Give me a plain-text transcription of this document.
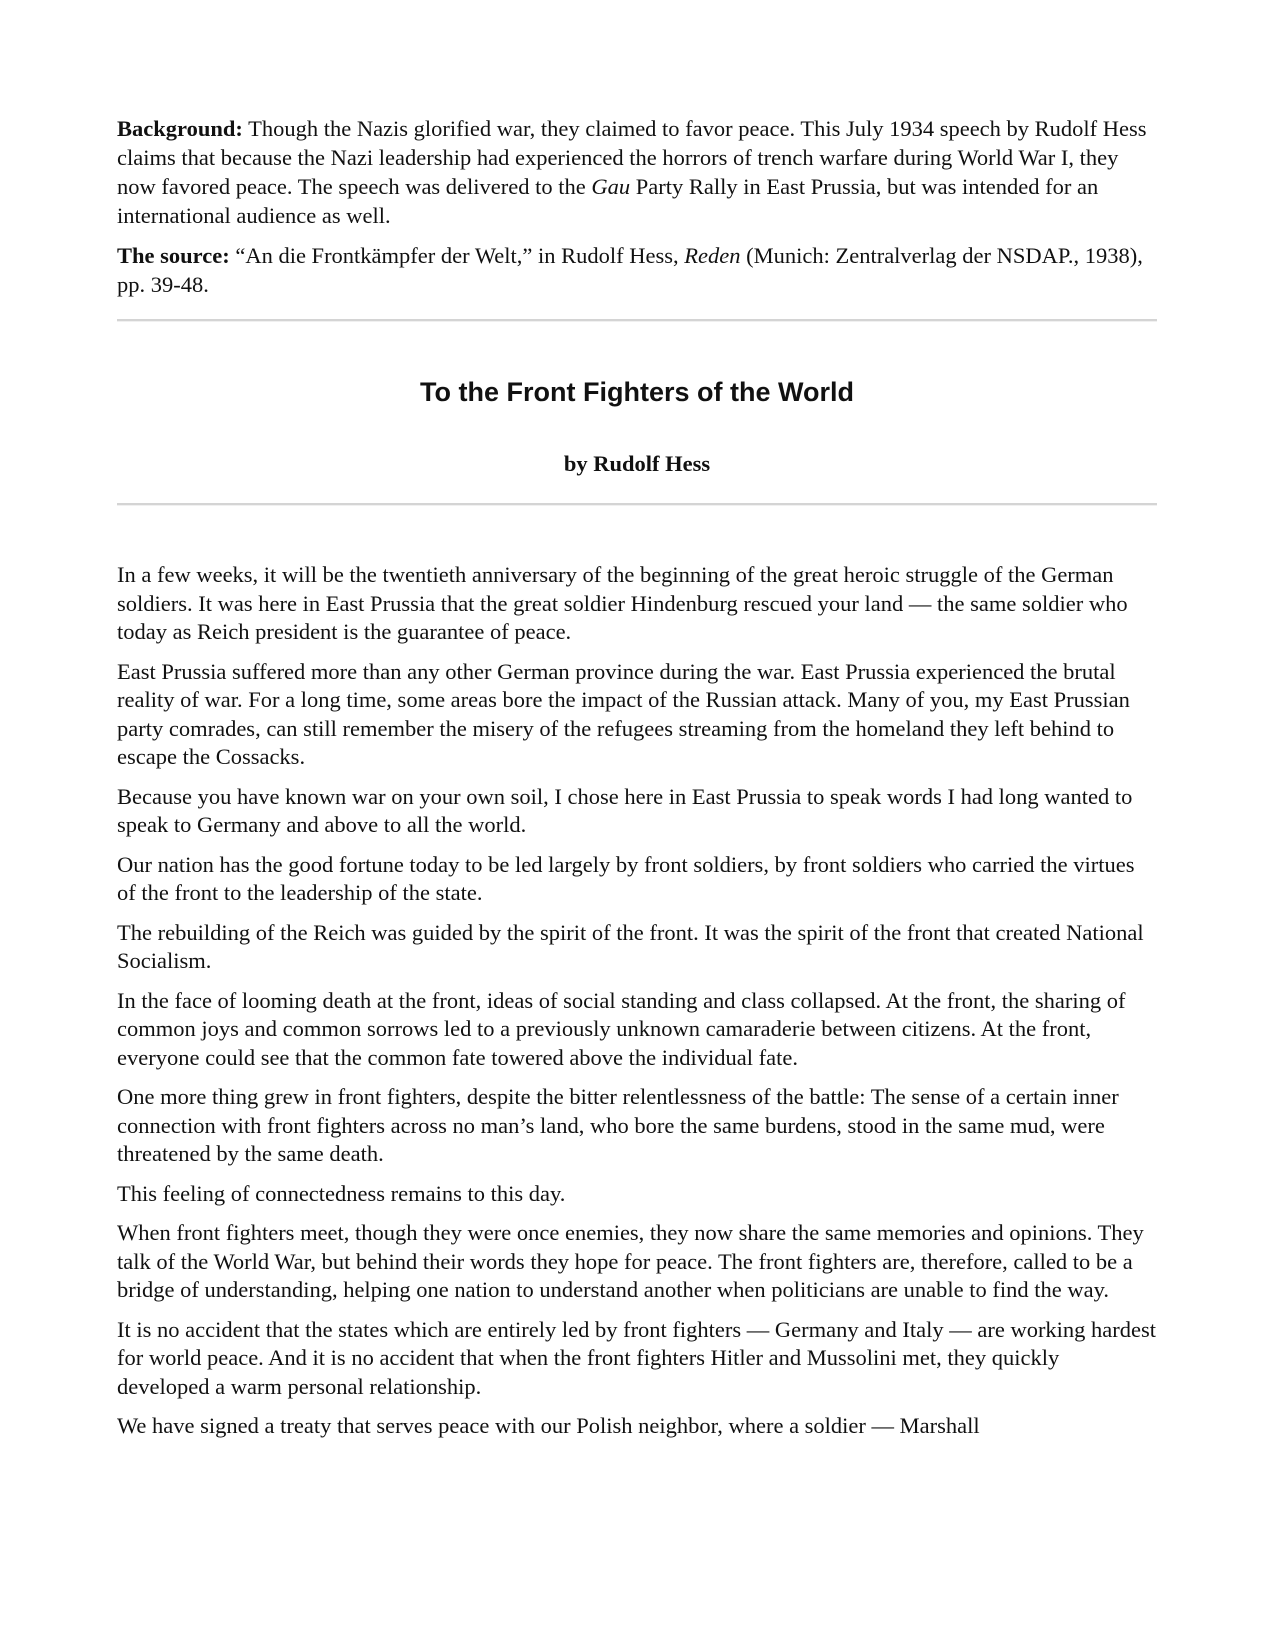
Background: Though the Nazis glorified war, they claimed to favor peace. This July 1934 speech by Rudolf Hess claims that because the Nazi leadership had experienced the horrors of trench warfare during World War I, they now favored peace. The speech was delivered to the Gau Party Rally in East Prussia, but was intended for an international audience as well.

The source: “An die Frontkämpfer der Welt,” in Rudolf Hess, Reden (Munich: Zentralverlag der NSDAP., 1938), pp. 39-48.

To the Front Fighters of the World
by Rudolf Hess

In a few weeks, it will be the twentieth anniversary of the beginning of the great heroic struggle of the German soldiers. It was here in East Prussia that the great soldier Hindenburg rescued your land — the same soldier who today as Reich president is the guarantee of peace.

East Prussia suffered more than any other German province during the war. East Prussia experienced the brutal reality of war. For a long time, some areas bore the impact of the Russian attack. Many of you, my East Prussian party comrades, can still remember the misery of the refugees streaming from the homeland they left behind to escape the Cossacks.

Because you have known war on your own soil, I chose here in East Prussia to speak words I had long wanted to speak to Germany and above to all the world.

Our nation has the good fortune today to be led largely by front soldiers, by front soldiers who carried the virtues of the front to the leadership of the state.

The rebuilding of the Reich was guided by the spirit of the front. It was the spirit of the front that created National Socialism.

In the face of looming death at the front, ideas of social standing and class collapsed. At the front, the sharing of common joys and common sorrows led to a previously unknown camaraderie between citizens. At the front, everyone could see that the common fate towered above the individual fate.

One more thing grew in front fighters, despite the bitter relentlessness of the battle: The sense of a certain inner connection with front fighters across no man’s land, who bore the same burdens, stood in the same mud, were threatened by the same death.

This feeling of connectedness remains to this day.

When front fighters meet, though they were once enemies, they now share the same memories and opinions. They talk of the World War, but behind their words they hope for peace. The front fighters are, therefore, called to be a bridge of understanding, helping one nation to understand another when politicians are unable to find the way.

It is no accident that the states which are entirely led by front fighters — Germany and Italy — are working hardest for world peace. And it is no accident that when the front fighters Hitler and Mussolini met, they quickly developed a warm personal relationship.

We have signed a treaty that serves peace with our Polish neighbor, where a soldier — Marshall
